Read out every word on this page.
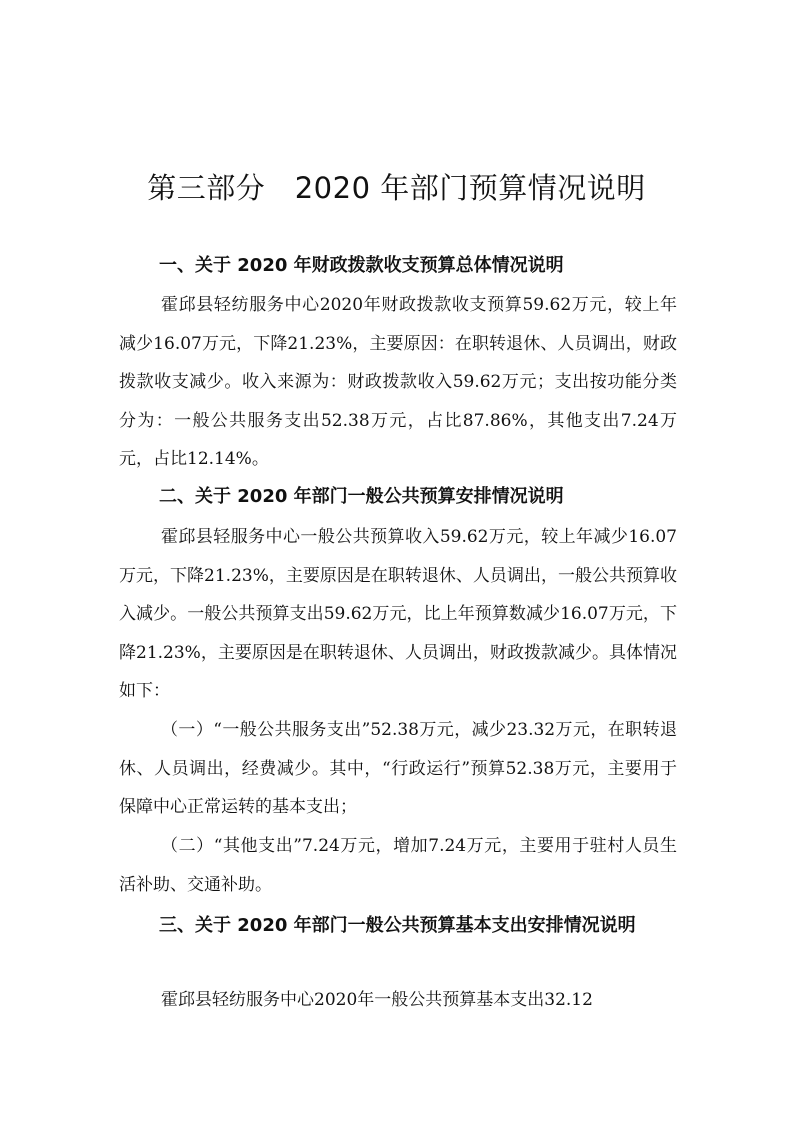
第三部分　2020 年部门预算情况说明
一、关于 2020 年财政拨款收支预算总体情况说明

霍邱县轻纺服务中心2020年财政拨款收支预算59.62万元，较上年减少16.07万元，下降21.23%，主要原因：在职转退休、人员调出，财政拨款收支减少。收入来源为：财政拨款收入59.62万元；支出按功能分类分为：一般公共服务支出52.38万元，占比87.86%，其他支出7.24万元，占比12.14%。

二、关于 2020 年部门一般公共预算安排情况说明

霍邱县轻服务中心一般公共预算收入59.62万元，较上年减少16.07万元，下降21.23%，主要原因是在职转退休、人员调出，一般公共预算收入减少。一般公共预算支出59.62万元，比上年预算数减少16.07万元，下降21.23%，主要原因是在职转退休、人员调出，财政拨款减少。具体情况如下：

（一）“一般公共服务支出”52.38万元，减少23.32万元，在职转退休、人员调出，经费减少。其中，“行政运行”预算52.38万元，主要用于保障中心正常运转的基本支出；

（二）“其他支出”7.24万元，增加7.24万元，主要用于驻村人员生活补助、交通补助。

三、关于 2020 年部门一般公共预算基本支出安排情况说明

霍邱县轻纺服务中心2020年一般公共预算基本支出32.12
